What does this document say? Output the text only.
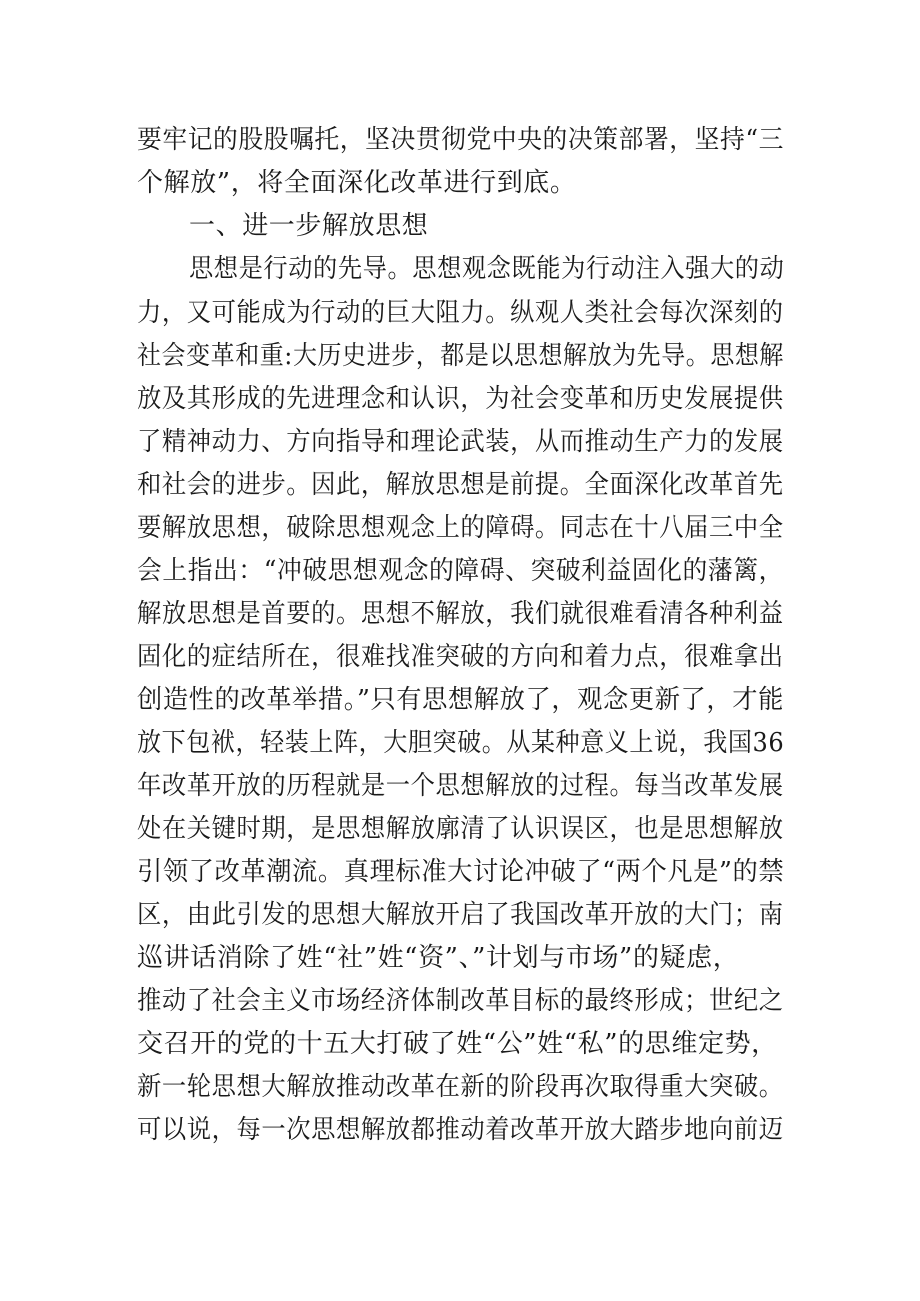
要牢记的股股嘱托，坚决贯彻党中央的决策部署，坚持“三
个解放”，将全面深化改革进行到底。
一、进一步解放思想
思想是行动的先导。思想观念既能为行动注入强大的动
力，又可能成为行动的巨大阻力。纵观人类社会每次深刻的
社会变革和重:大历史进步，都是以思想解放为先导。思想解
放及其形成的先进理念和认识，为社会变革和历史发展提供
了精神动力、方向指导和理论武装，从而推动生产力的发展
和社会的进步。因此，解放思想是前提。全面深化改革首先
要解放思想，破除思想观念上的障碍。同志在十八届三中全
会上指出：“冲破思想观念的障碍、突破利益固化的藩篱，
解放思想是首要的。思想不解放，我们就很难看清各种利益
固化的症结所在，很难找准突破的方向和着力点，很难拿出
创造性的改革举措。”只有思想解放了，观念更新了，才能
放下包袱，轻装上阵，大胆突破。从某种意义上说，我国36
年改革开放的历程就是一个思想解放的过程。每当改革发展
处在关键时期，是思想解放廓清了认识误区，也是思想解放
引领了改革潮流。真理标准大讨论冲破了“两个凡是”的禁
区，由此引发的思想大解放开启了我国改革开放的大门；南
巡讲话消除了姓“社”姓“资”、”计划与市场”的疑虑，
推动了社会主义市场经济体制改革目标的最终形成；世纪之
交召开的党的十五大打破了姓“公”姓“私”的思维定势，
新一轮思想大解放推动改革在新的阶段再次取得重大突破。
可以说，每一次思想解放都推动着改革开放大踏步地向前迈
